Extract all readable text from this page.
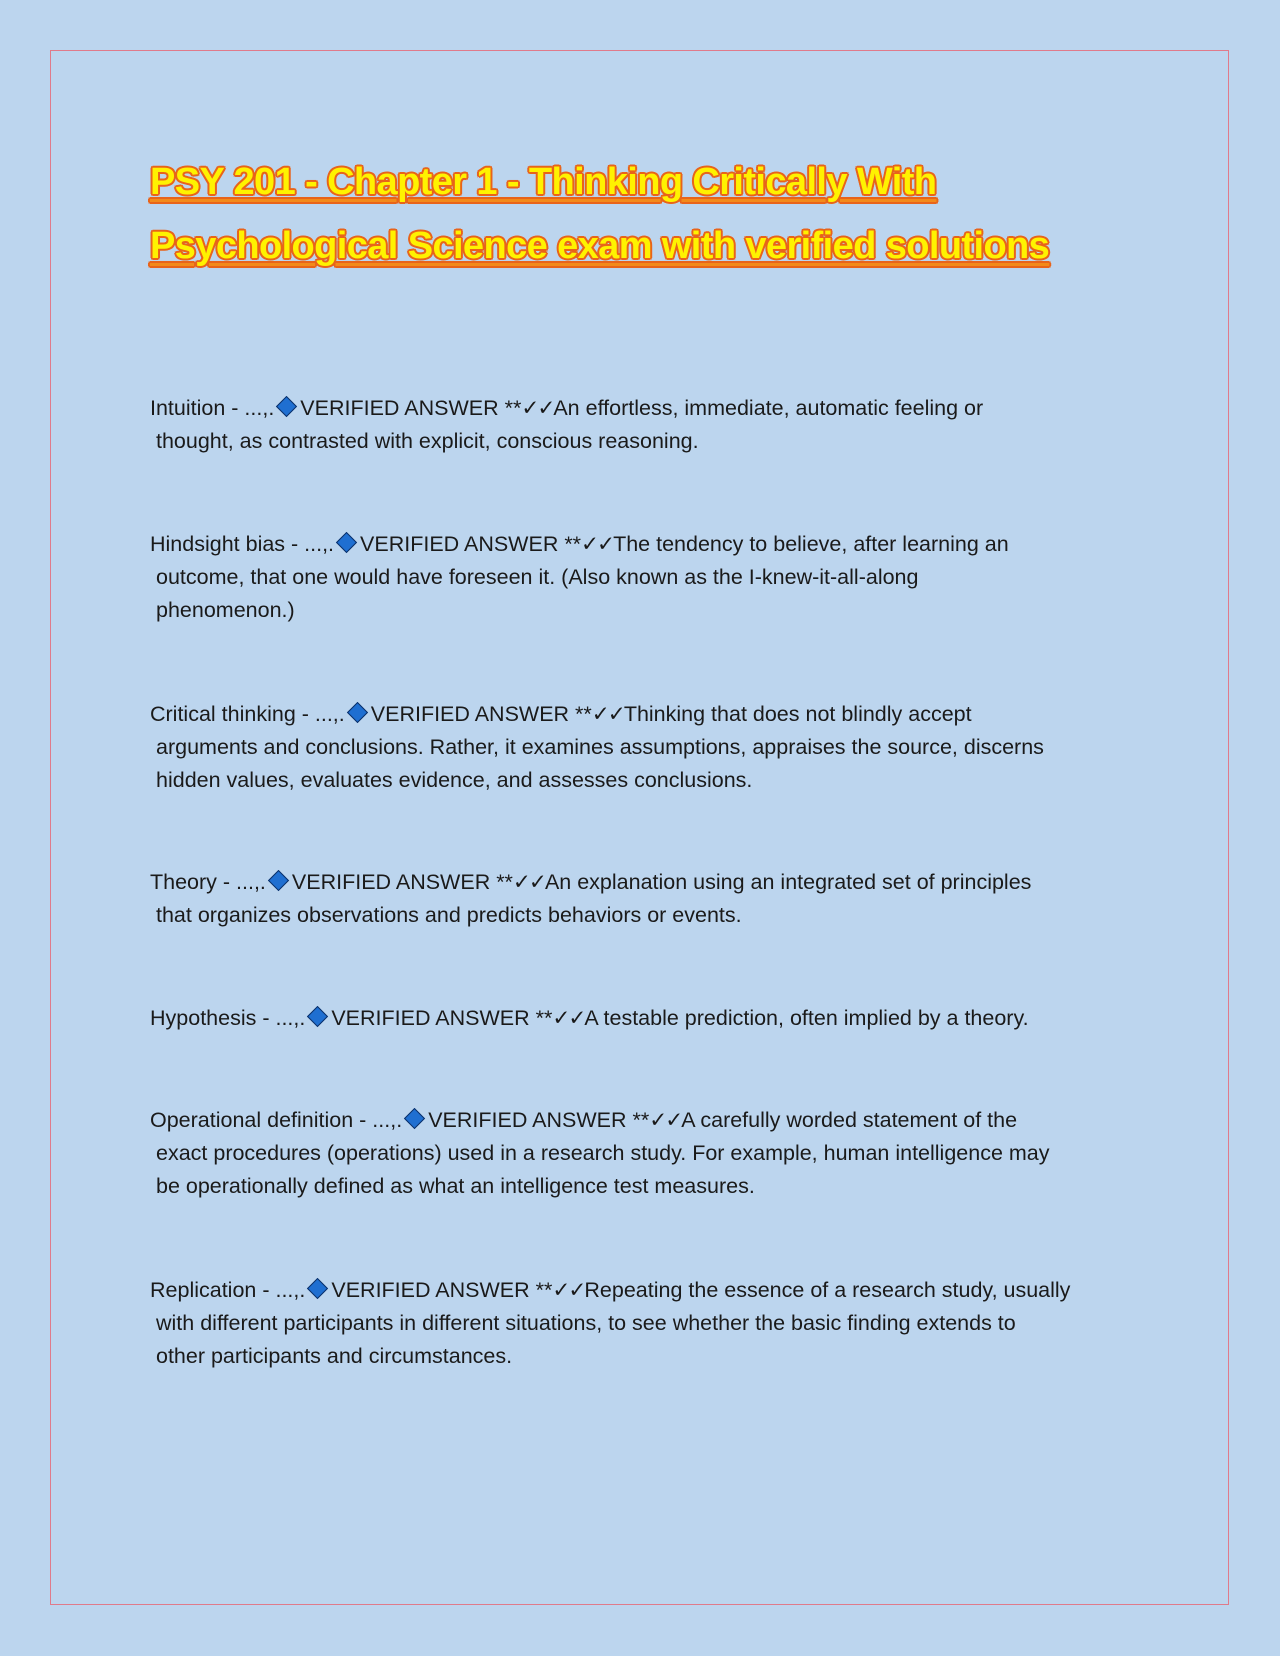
PSY 201 - Chapter 1 - Thinking Critically With
Psychological Science exam with verified solutions
Intuition - ...,. VERIFIED ANSWER **✓✓An effortless, immediate, automatic feeling or
thought, as contrasted with explicit, conscious reasoning.
Hindsight bias - ...,. VERIFIED ANSWER **✓✓The tendency to believe, after learning an
outcome, that one would have foreseen it. (Also known as the I-knew-it-all-along
phenomenon.)
Critical thinking - ...,. VERIFIED ANSWER **✓✓Thinking that does not blindly accept
arguments and conclusions. Rather, it examines assumptions, appraises the source, discerns
hidden values, evaluates evidence, and assesses conclusions.
Theory - ...,. VERIFIED ANSWER **✓✓An explanation using an integrated set of principles
that organizes observations and predicts behaviors or events.
Hypothesis - ...,. VERIFIED ANSWER **✓✓A testable prediction, often implied by a theory.
Operational definition - ...,. VERIFIED ANSWER **✓✓A carefully worded statement of the
exact procedures (operations) used in a research study. For example, human intelligence may
be operationally defined as what an intelligence test measures.
Replication - ...,. VERIFIED ANSWER **✓✓Repeating the essence of a research study, usually
with different participants in different situations, to see whether the basic finding extends to
other participants and circumstances.
